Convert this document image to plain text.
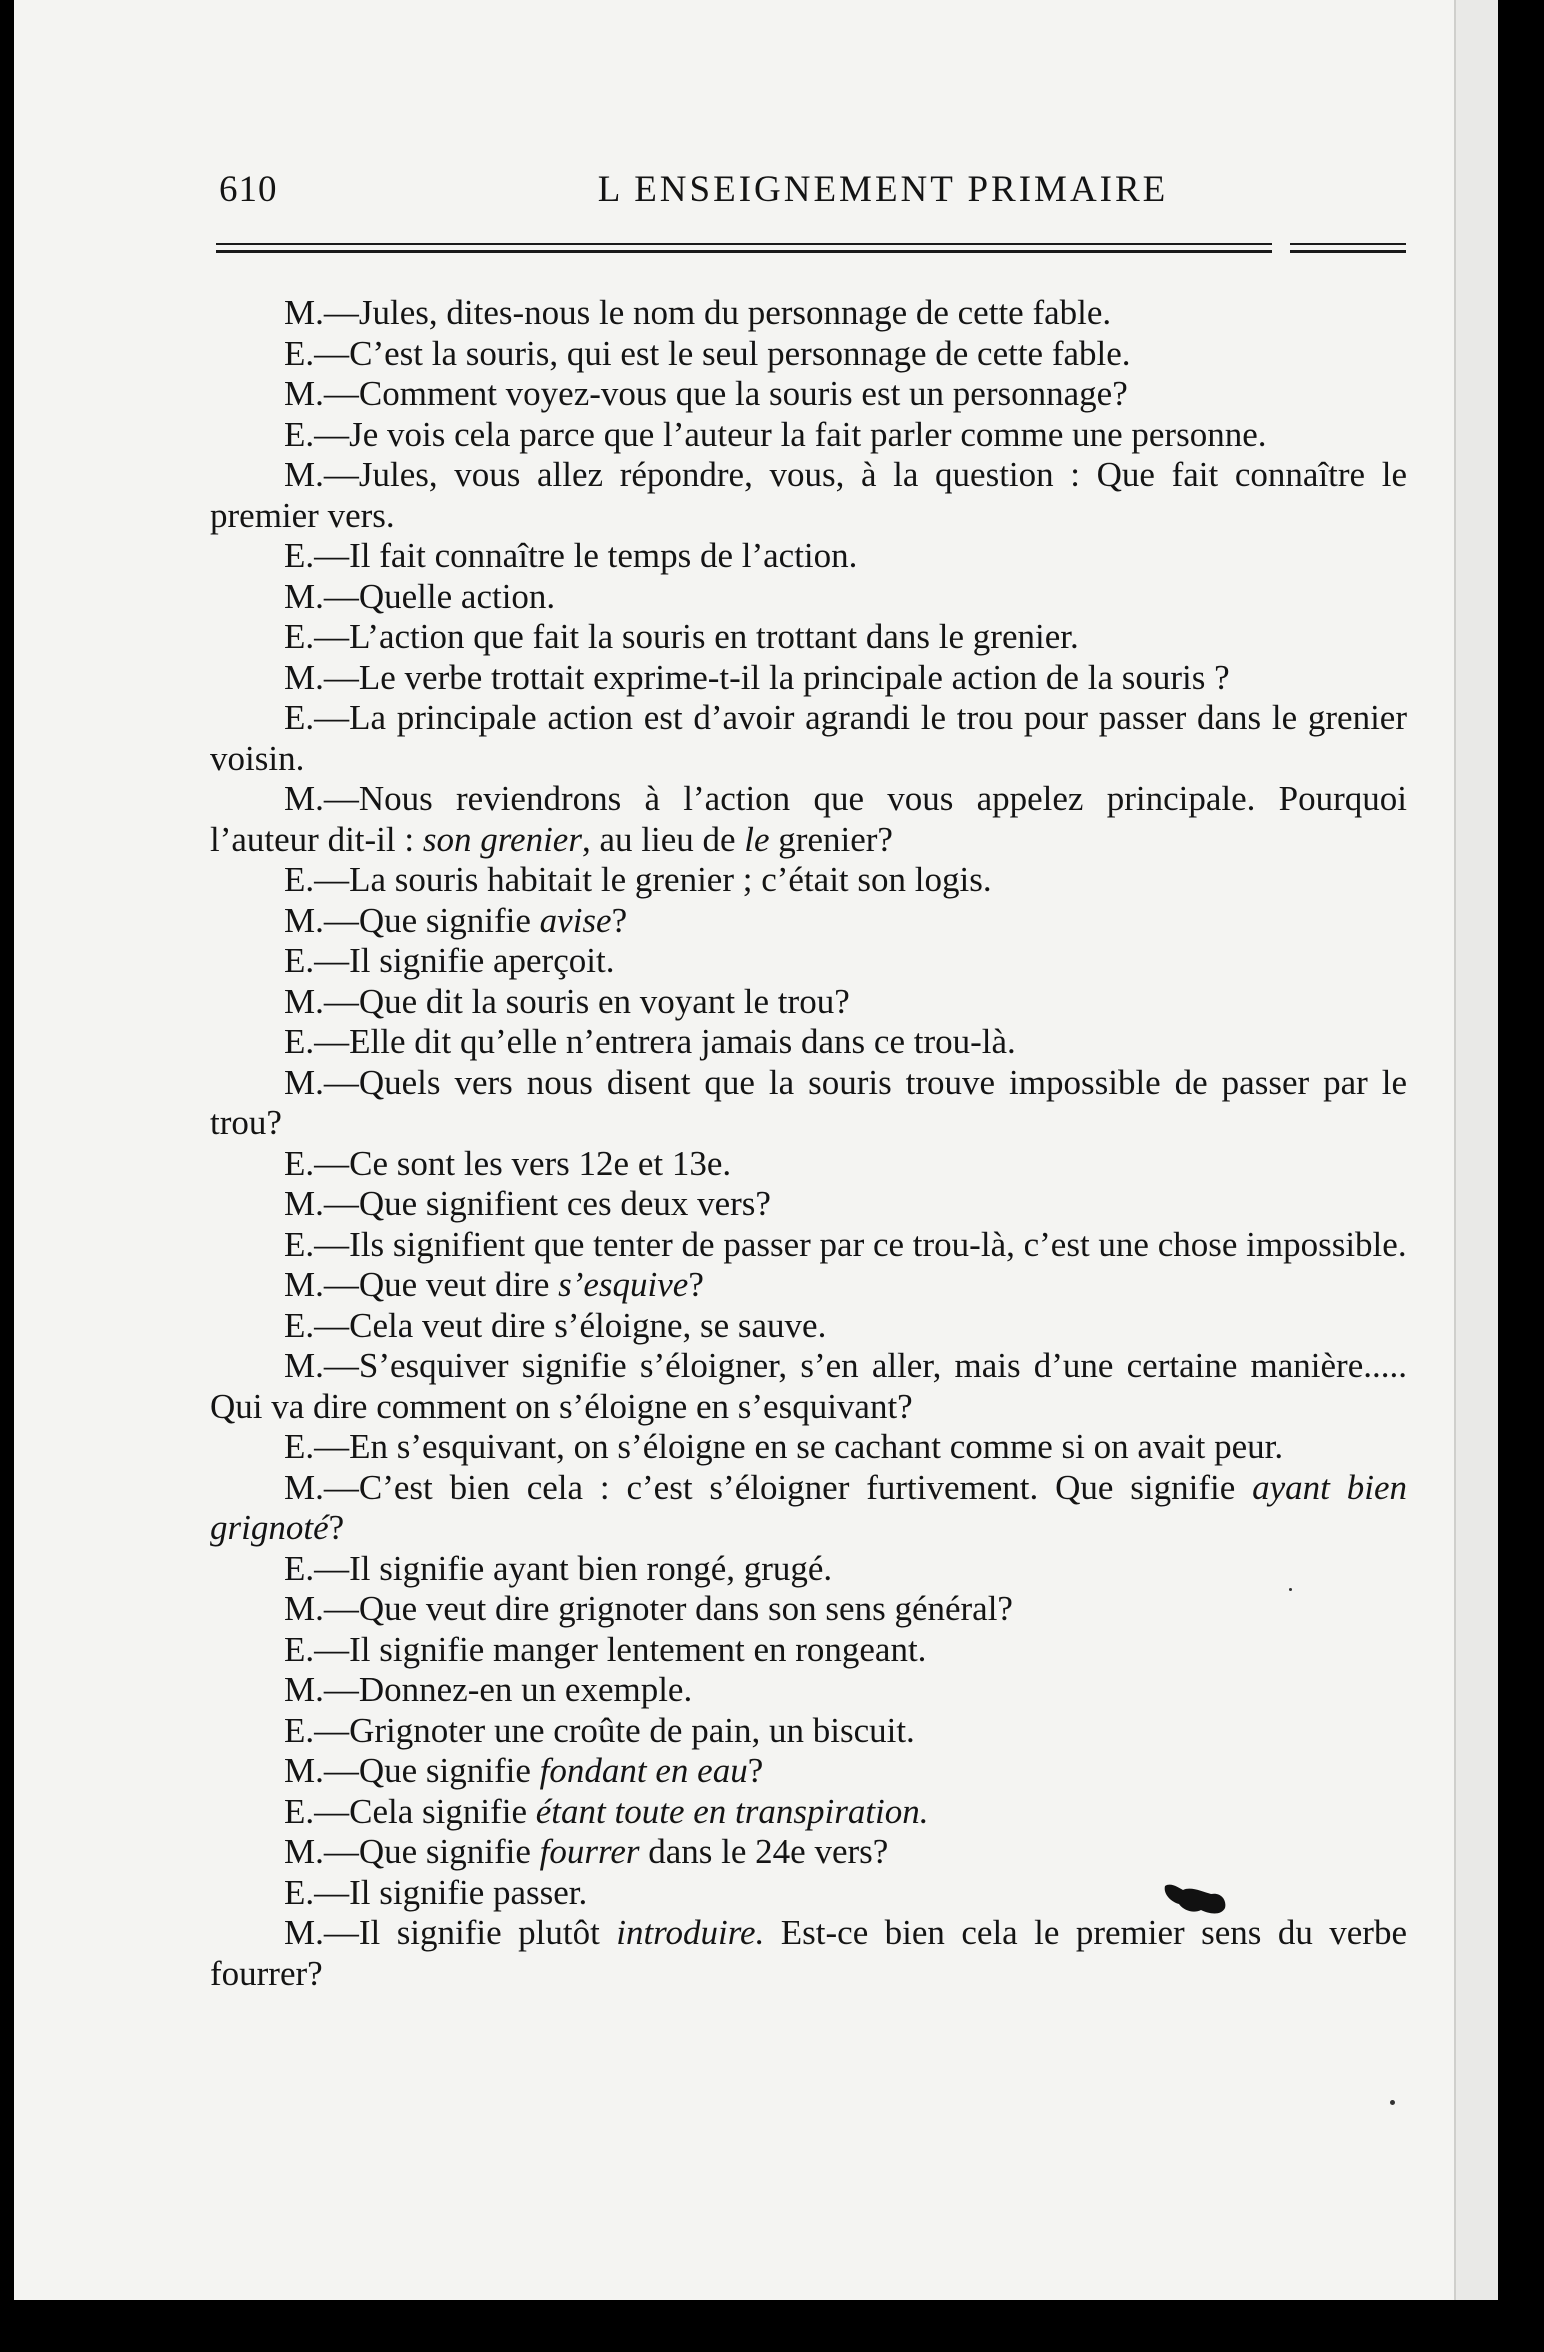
610	L ENSEIGNEMENT PRIMAIRE

M.—Jules, dites-nous le nom du personnage de cette fable.

E.—C’est la souris, qui est le seul personnage de cette fable.

M.—Comment voyez-vous que la souris est un personnage?

E.—Je vois cela parce que l’auteur la fait parler comme une personne.

M.—Jules, vous allez répondre, vous, à la question : Que fait connaître le premier vers.

E.—Il fait connaître le temps de l’action.

M.—Quelle action.

E.—L’action que fait la souris en trottant dans le grenier.

M.—Le verbe trottait exprime-t-il la principale action de la souris ?

E.—La principale action est d’avoir agrandi le trou pour passer dans le grenier voisin.

M.—Nous reviendrons à l’action que vous appelez principale. Pourquoi l’auteur dit-il : son grenier, au lieu de le grenier?

E.—La souris habitait le grenier ; c’était son logis.

M.—Que signifie avise?

E.—Il signifie aperçoit.

M.—Que dit la souris en voyant le trou?

E.—Elle dit qu’elle n’entrera jamais dans ce trou-là.

M.—Quels vers nous disent que la souris trouve impossible de passer par le trou?

E.—Ce sont les vers 12e et 13e.

M.—Que signifient ces deux vers?

E.—Ils signifient que tenter de passer par ce trou-là, c’est une chose impossible.

M.—Que veut dire s’esquive?

E.—Cela veut dire s’éloigne, se sauve.

M.—S’esquiver signifie s’éloigner, s’en aller, mais d’une certaine manière..... Qui va dire comment on s’éloigne en s’esquivant?

E.—En s’esquivant, on s’éloigne en se cachant comme si on avait peur.

M.—C’est bien cela : c’est s’éloigner furtivement. Que signifie ayant bien grignoté?

E.—Il signifie ayant bien rongé, grugé.

M.—Que veut dire grignoter dans son sens général?

E.—Il signifie manger lentement en rongeant.

M.—Donnez-en un exemple.

E.—Grignoter une croûte de pain, un biscuit.

M.—Que signifie fondant en eau?

E.—Cela signifie étant toute en transpiration.

M.—Que signifie fourrer dans le 24e vers?

E.—Il signifie passer.

M.—Il signifie plutôt introduire. Est-ce bien cela le premier sens du verbe fourrer?
